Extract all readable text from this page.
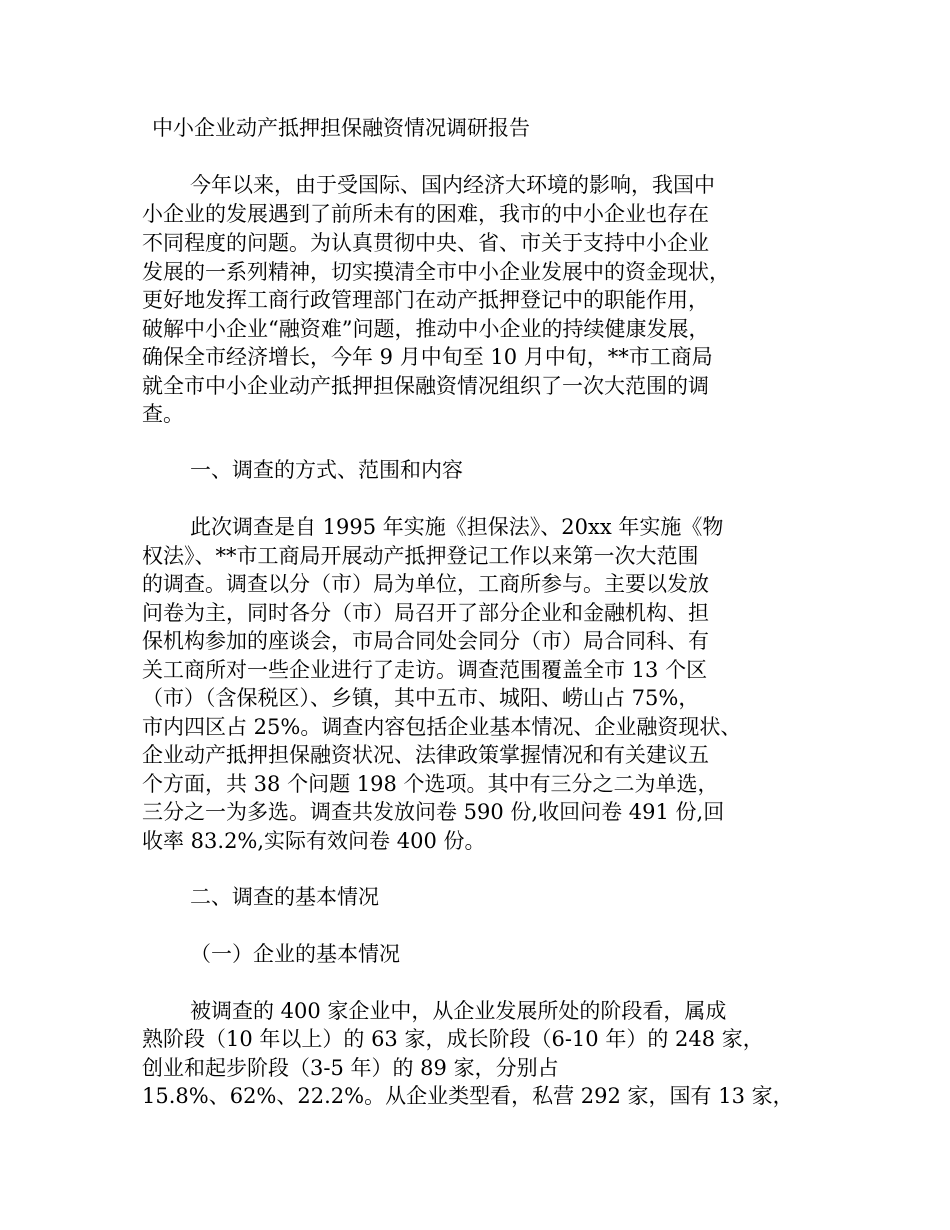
中小企业动产抵押担保融资情况调研报告
今年以来，由于受国际、国内经济大环境的影响，我国中
小企业的发展遇到了前所未有的困难，我市的中小企业也存在
不同程度的问题。为认真贯彻中央、省、市关于支持中小企业
发展的一系列精神，切实摸清全市中小企业发展中的资金现状，
更好地发挥工商行政管理部门在动产抵押登记中的职能作用，
破解中小企业“融资难”问题，推动中小企业的持续健康发展，
确保全市经济增长，今年 9 月中旬至 10 月中旬，**市工商局
就全市中小企业动产抵押担保融资情况组织了一次大范围的调
查。
一、调查的方式、范围和内容
此次调查是自 1995 年实施《担保法》、20xx 年实施《物
权法》、**市工商局开展动产抵押登记工作以来第一次大范围
的调查。调查以分（市）局为单位，工商所参与。主要以发放
问卷为主，同时各分（市）局召开了部分企业和金融机构、担
保机构参加的座谈会，市局合同处会同分（市）局合同科、有
关工商所对一些企业进行了走访。调查范围覆盖全市 13 个区
（市）（含保税区）、乡镇，其中五市、城阳、崂山占 75%，
市内四区占 25%。调查内容包括企业基本情况、企业融资现状、
企业动产抵押担保融资状况、法律政策掌握情况和有关建议五
个方面，共 38 个问题 198 个选项。其中有三分之二为单选，
三分之一为多选。调查共发放问卷 590 份,收回问卷 491 份,回
收率 83.2%,实际有效问卷 400 份。
二、调查的基本情况
（一）企业的基本情况
被调查的 400 家企业中，从企业发展所处的阶段看，属成
熟阶段（10 年以上）的 63 家，成长阶段（6-10 年）的 248 家，
创业和起步阶段（3-5 年）的 89 家，分别占
15.8%、62%、22.2%。从企业类型看，私营 292 家，国有 13 家，
